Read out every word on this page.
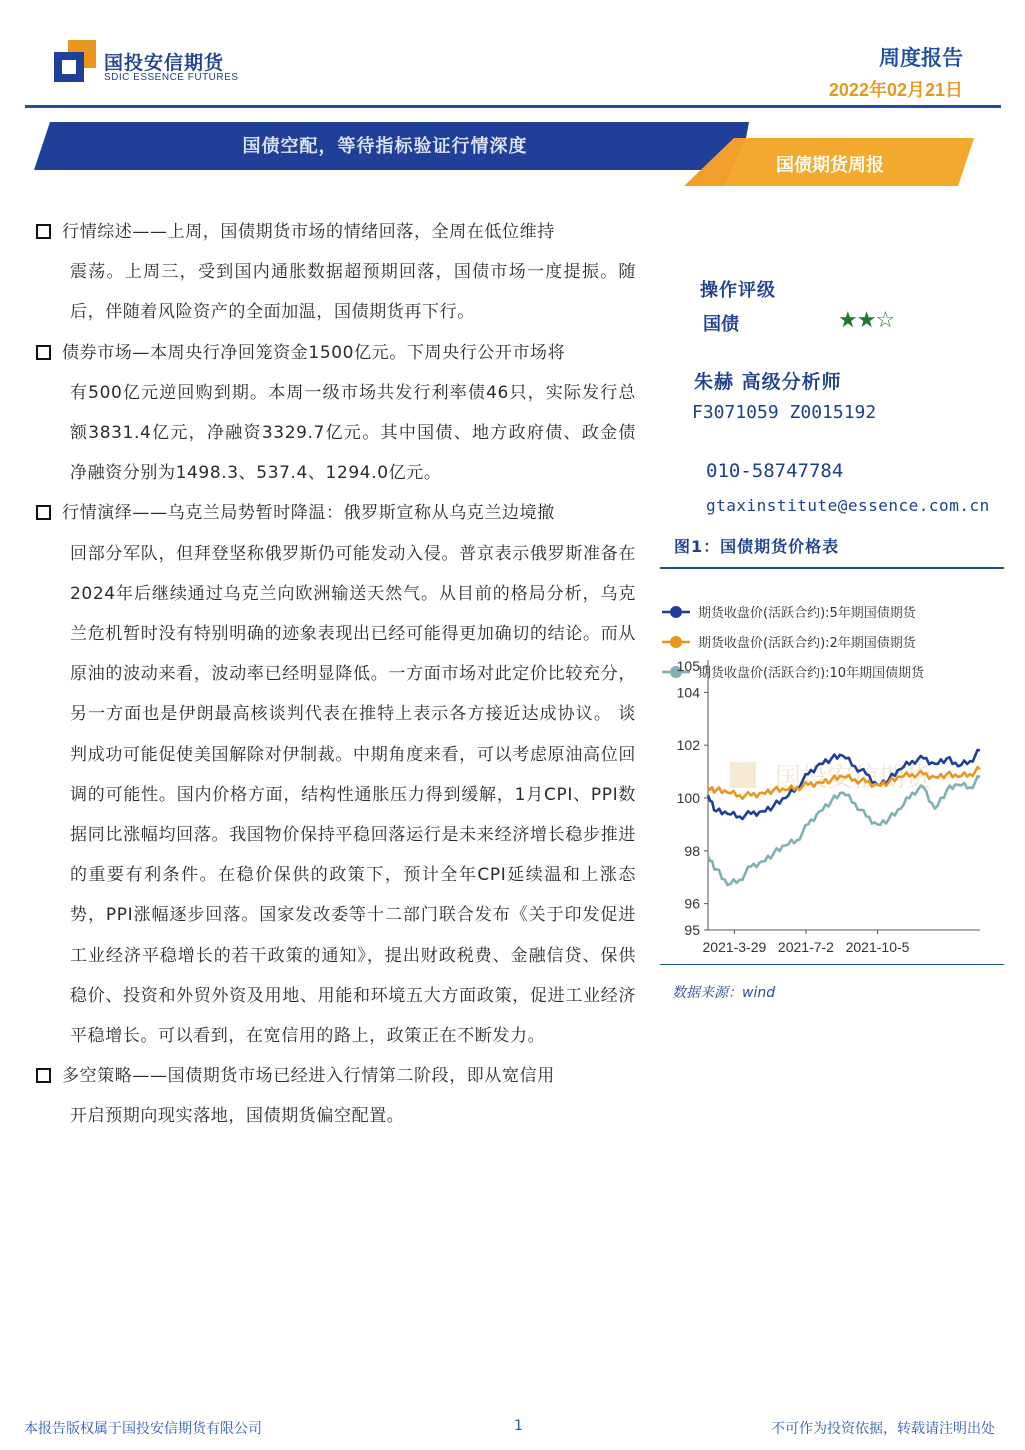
国投安信期货
SDIC ESSENCE FUTURES
周度报告
2022年02月21日
国债空配，等待指标验证行情深度
国债期货周报
行情综述——上周，国债期货市场的情绪回落，全周在低位维持
震荡。上周三，受到国内通胀数据超预期回落，国债市场一度提振。随后，伴随着风险资产的全面加温，国债期货再下行。
债券市场—本周央行净回笼资金1500亿元。下周央行公开市场将
有500亿元逆回购到期。本周一级市场共发行利率债46只，实际发行总额3831.4亿元，净融资3329.7亿元。其中国债、地方政府债、政金债净融资分别为1498.3、537.4、1294.0亿元。
行情演绎——乌克兰局势暂时降温：俄罗斯宣称从乌克兰边境撤
回部分军队，但拜登坚称俄罗斯仍可能发动入侵。普京表示俄罗斯准备在2024年后继续通过乌克兰向欧洲输送天然气。从目前的格局分析，乌克兰危机暂时没有特别明确的迹象表现出已经可能得更加确切的结论。而从原油的波动来看，波动率已经明显降低。一方面市场对此定价比较充分，另一方面也是伊朗最高核谈判代表在推特上表示各方接近达成协议。 谈判成功可能促使美国解除对伊制裁。中期角度来看，可以考虑原油高位回调的可能性。国内价格方面，结构性通胀压力得到缓解，1月CPI、PPI数据同比涨幅均回落。我国物价保持平稳回落运行是未来经济增长稳步推进的重要有利条件。在稳价保供的政策下，预计全年CPI延续温和上涨态势，PPI涨幅逐步回落。国家发改委等十二部门联合发布《关于印发促进工业经济平稳增长的若干政策的通知》，提出财政税费、金融信贷、保供稳价、投资和外贸外资及用地、用能和环境五大方面政策，促进工业经济平稳增长。可以看到，在宽信用的路上，政策正在不断发力。
多空策略——国债期货市场已经进入行情第二阶段，即从宽信用
开启预期向现实落地，国债期货偏空配置。
操作评级
国债	★★☆
朱赫 高级分析师
F3071059 Z0015192
010-58747784
gtaxinstitute@essence.com.cn
图1：国债期货价格表
国投安信期货
期货收盘价(活跃合约):5年期国债期货
期货收盘价(活跃合约):2年期国债期货
期货收盘价(活跃合约):10年期国债期货
95
96
98
100
102
104
105
2021-3-29 2021-7-2 2021-10-5
数据来源：wind
本报告版权属于国投安信期货有限公司	1	不可作为投资依据，转载请注明出处
